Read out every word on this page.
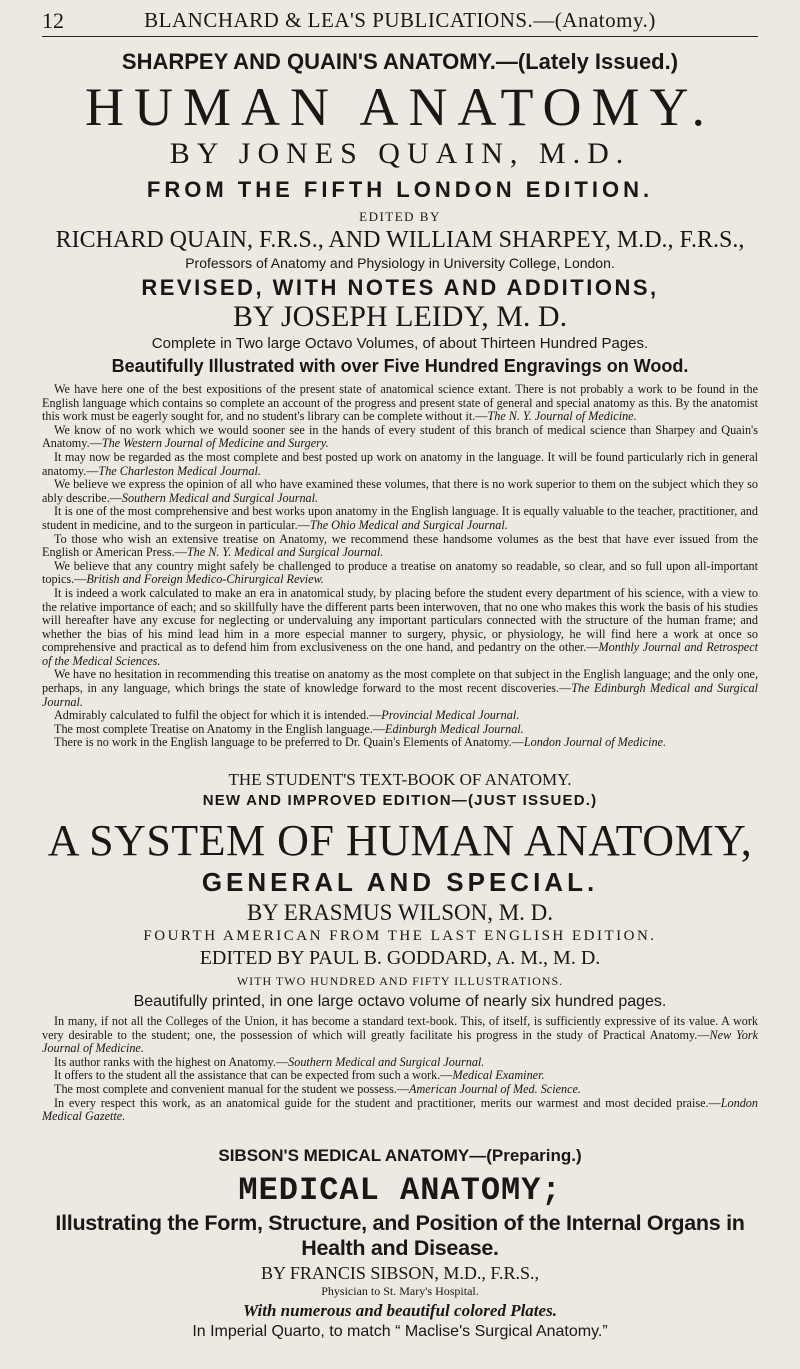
12	BLANCHARD & LEA'S PUBLICATIONS.—(Anatomy.)
SHARPEY AND QUAIN'S ANATOMY.—(Lately Issued.)
HUMAN ANATOMY.
BY JONES QUAIN, M.D.
FROM THE FIFTH LONDON EDITION.
EDITED BY
RICHARD QUAIN, F.R.S., AND WILLIAM SHARPEY, M.D., F.R.S.,
Professors of Anatomy and Physiology in University College, London.
REVISED, WITH NOTES AND ADDITIONS,
BY JOSEPH LEIDY, M. D.
Complete in Two large Octavo Volumes, of about Thirteen Hundred Pages.
Beautifully Illustrated with over Five Hundred Engravings on Wood.

We have here one of the best expositions of the present state of anatomical science extant. There is not probably a work to be found in the English language which contains so complete an account of the progress and present state of general and special anatomy as this. By the anatomist this work must be eagerly sought for, and no student's library can be complete without it.—The N. Y. Journal of Medicine.

We know of no work which we would sooner see in the hands of every student of this branch of medical science than Sharpey and Quain's Anatomy.—The Western Journal of Medicine and Surgery.

It may now be regarded as the most complete and best posted up work on anatomy in the language. It will be found particularly rich in general anatomy.—The Charleston Medical Journal.

We believe we express the opinion of all who have examined these volumes, that there is no work superior to them on the subject which they so ably describe.—Southern Medical and Surgical Journal.

It is one of the most comprehensive and best works upon anatomy in the English language. It is equally valuable to the teacher, practitioner, and student in medicine, and to the surgeon in particular.—The Ohio Medical and Surgical Journal.

To those who wish an extensive treatise on Anatomy, we recommend these handsome volumes as the best that have ever issued from the English or American Press.—The N. Y. Medical and Surgical Journal.

We believe that any country might safely be challenged to produce a treatise on anatomy so readable, so clear, and so full upon all-important topics.—British and Foreign Medico-Chirurgical Review.

It is indeed a work calculated to make an era in anatomical study, by placing before the student every department of his science, with a view to the relative importance of each; and so skillfully have the different parts been interwoven, that no one who makes this work the basis of his studies will hereafter have any excuse for neglecting or undervaluing any important particulars connected with the structure of the human frame; and whether the bias of his mind lead him in a more especial manner to surgery, physic, or physiology, he will find here a work at once so comprehensive and practical as to defend him from exclusiveness on the one hand, and pedantry on the other.—Monthly Journal and Retrospect of the Medical Sciences.

We have no hesitation in recommending this treatise on anatomy as the most complete on that subject in the English language; and the only one, perhaps, in any language, which brings the state of knowledge forward to the most recent discoveries.—The Edinburgh Medical and Surgical Journal.

Admirably calculated to fulfil the object for which it is intended.—Provincial Medical Journal.

The most complete Treatise on Anatomy in the English language.—Edinburgh Medical Journal.

There is no work in the English language to be preferred to Dr. Quain's Elements of Anatomy.—London Journal of Medicine.

THE STUDENT'S TEXT-BOOK OF ANATOMY.
NEW AND IMPROVED EDITION—(JUST ISSUED.)
A SYSTEM OF HUMAN ANATOMY,
GENERAL AND SPECIAL.
BY ERASMUS WILSON, M. D.
FOURTH AMERICAN FROM THE LAST ENGLISH EDITION.
EDITED BY PAUL B. GODDARD, A. M., M. D.
WITH TWO HUNDRED AND FIFTY ILLUSTRATIONS.
Beautifully printed, in one large octavo volume of nearly six hundred pages.

In many, if not all the Colleges of the Union, it has become a standard text-book. This, of itself, is sufficiently expressive of its value. A work very desirable to the student; one, the possession of which will greatly facilitate his progress in the study of Practical Anatomy.—New York Journal of Medicine.

Its author ranks with the highest on Anatomy.—Southern Medical and Surgical Journal.

It offers to the student all the assistance that can be expected from such a work.—Medical Examiner.

The most complete and convenient manual for the student we possess.—American Journal of Med. Science.

In every respect this work, as an anatomical guide for the student and practitioner, merits our warmest and most decided praise.—London Medical Gazette.

SIBSON'S MEDICAL ANATOMY—(Preparing.)
MEDICAL ANATOMY;
Illustrating the Form, Structure, and Position of the Internal Organs in Health and Disease.
BY FRANCIS SIBSON, M.D., F.R.S.,
Physician to St. Mary's Hospital.
With numerous and beautiful colored Plates.
In Imperial Quarto, to match “ Maclise's Surgical Anatomy.”
